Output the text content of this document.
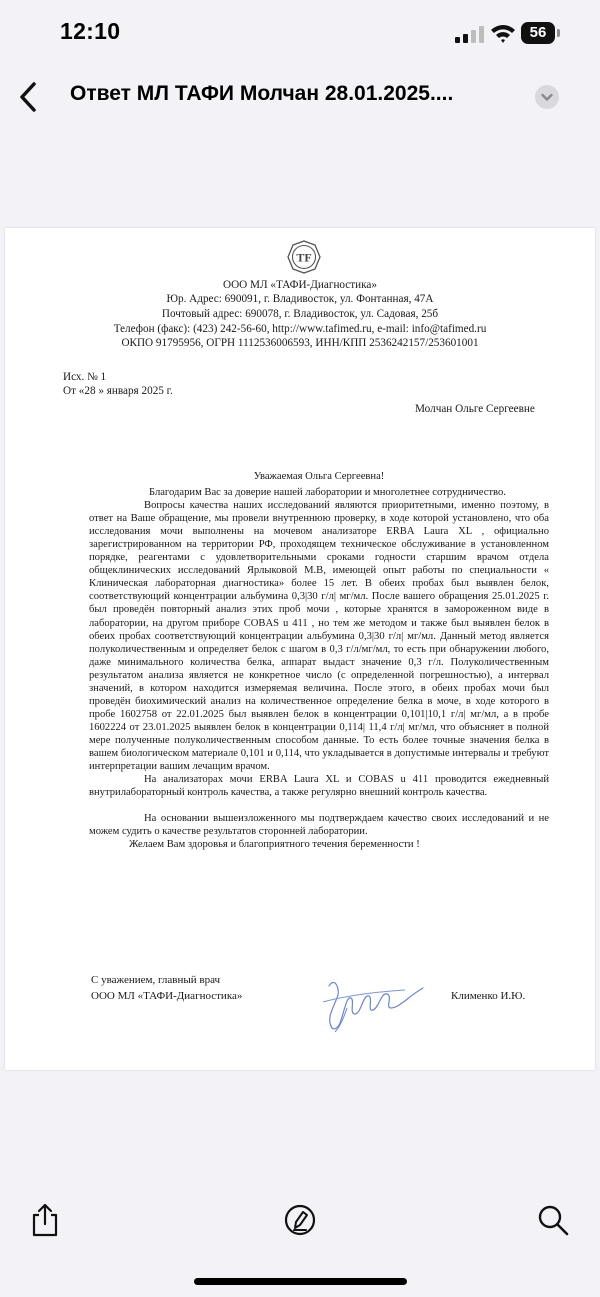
12:10	56
Ответ МЛ ТАФИ Молчан 28.01.2025....
TF
ООО МЛ «ТАФИ-Диагностика»
Юр. Адрес: 690091, г. Владивосток, ул. Фонтанная, 47А
Почтовый адрес: 690078, г. Владивосток, ул. Садовая, 25б
Телефон (факс): (423) 242-56-60, http://www.tafimed.ru, e-mail: info@tafimed.ru
ОКПО 91795956, ОГРН 1112536006593, ИНН/КПП 2536242157/253601001
Исх. № 1
От «28 » января 2025 г.
Молчан Ольге Сергеевне

Уважаемая Ольга Сергеевна!

Благодарим Вас за доверие нашей лаборатории и многолетнее сотрудничество.

Вопросы качества наших исследований являются приоритетными, именно поэтому, в ответ на Ваше обращение, мы провели внутреннюю проверку, в ходе которой установлено, что оба исследования мочи выполнены на мочевом анализаторе ERBA Laura XL , официально зарегистрированном на территории РФ, проходящем техническое обслуживание в установленном порядке, реагентами с удовлетворительными сроками годности старшим врачом отдела общеклинических исследований Ярлыковой М.В, имеющей опыт работы по специальности « Клиническая лабораторная диагностика» более 15 лет. В обеих пробах был выявлен белок, соответствующий концентрации альбумина 0,3|30 г/л| мг/мл. После вашего обращения 25.01.2025 г. был проведён повторный анализ этих проб мочи , которые хранятся в замороженном виде в лаборатории, на другом приборе COBAS u 411 , но тем же методом и также был выявлен белок в обеих пробах соответствующий концентрации альбумина 0,3|30 г/л| мг/мл. Данный метод является полуколичественным и определяет белок с шагом в 0,3 г/л/мг/мл, то есть при обнаружении любого, даже минимального количества белка, аппарат выдаст значение 0,3 г/л. Полуколичественным результатом анализа является не конкретное число (с определенной погрешностью), а интервал значений, в котором находится измеряемая величина. После этого, в обеих пробах мочи был проведён биохимический анализ на количественное определение белка в моче, в ходе которого в пробе 1602758 от 22.01.2025 был выявлен белок в концентрации 0,101|10,1 г/л| мг/мл, а в пробе 1602224 от 23.01.2025 выявлен белок в концентрации 0,114| 11,4 г/л| мг/мл, что объясняет в полной мере полученные полуколичественным способом данные. То есть более точные значения белка в вашем биологическом материале 0,101 и 0,114, что укладывается в допустимые интервалы и требуют интерпретации вашим лечащим врачом.

На анализаторах мочи ERBA Laura XL и COBAS u 411 проводится ежедневный внутрилабораторный контроль качества, а также регулярно внешний контроль качества.

На основании вышеизложенного мы подтверждаем качество своих исследований и не можем судить о качестве результатов сторонней лаборатории.

Желаем Вам здоровья и благоприятного течения беременности !

С уважением, главный врач
ООО МЛ «ТАФИ-Диагностика»	Клименко И.Ю.
